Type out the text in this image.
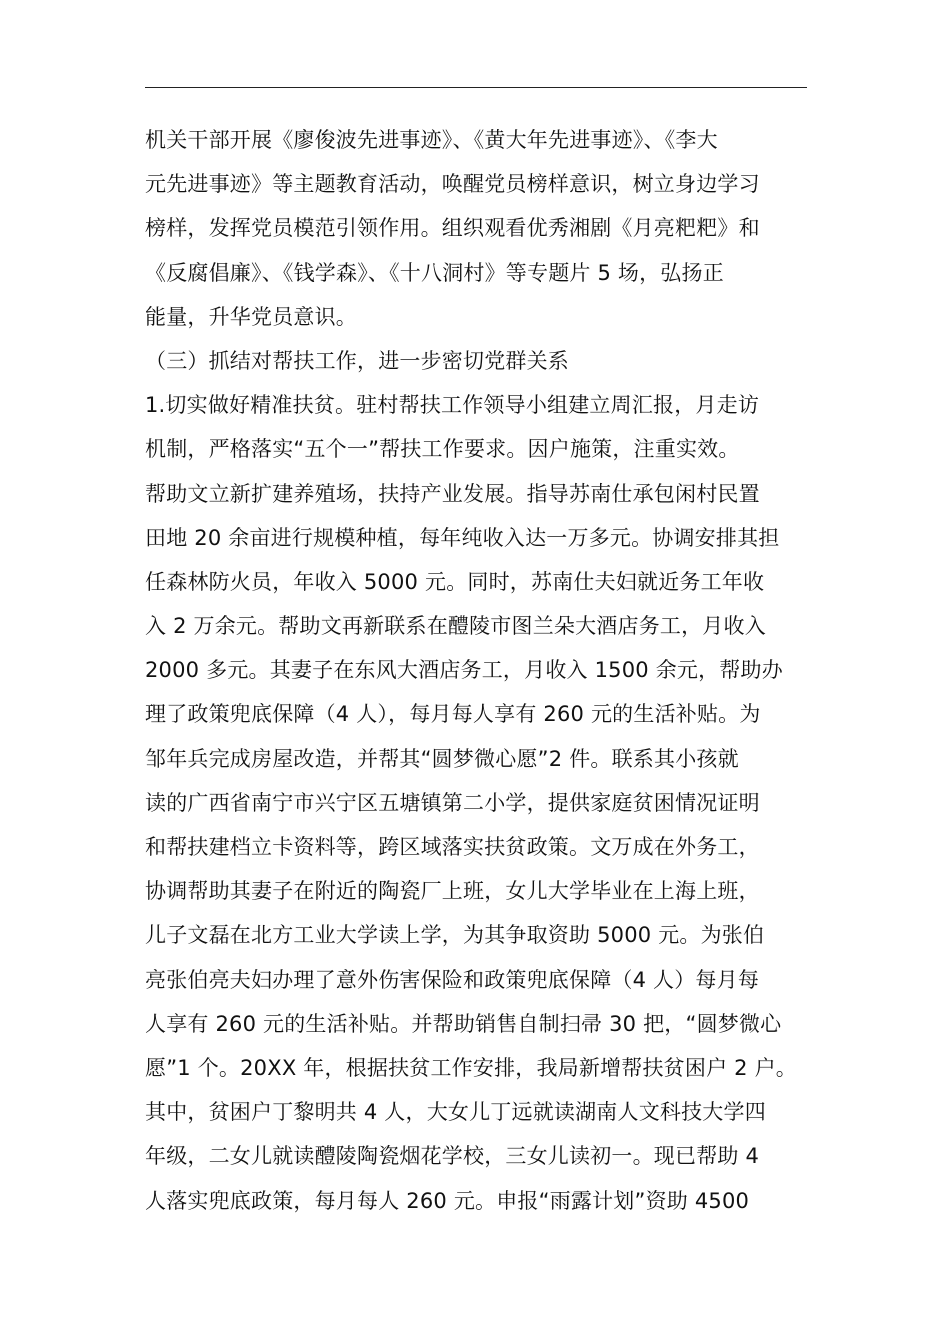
机关干部开展《廖俊波先进事迹》、《黄大年先进事迹》、《李大
元先进事迹》等主题教育活动，唤醒党员榜样意识，树立身边学习
榜样，发挥党员模范引领作用。组织观看优秀湘剧《月亮粑粑》和
《反腐倡廉》、《钱学森》、《十八洞村》等专题片 5 场，弘扬正
能量，升华党员意识。
（三）抓结对帮扶工作，进一步密切党群关系
1.切实做好精准扶贫。驻村帮扶工作领导小组建立周汇报，月走访
机制，严格落实“五个一”帮扶工作要求。因户施策，注重实效。
帮助文立新扩建养殖场，扶持产业发展。指导苏南仕承包闲村民置
田地 20 余亩进行规模种植，每年纯收入达一万多元。协调安排其担
任森林防火员，年收入 5000 元。同时，苏南仕夫妇就近务工年收
入 2 万余元。帮助文再新联系在醴陵市图兰朵大酒店务工，月收入
2000 多元。其妻子在东风大酒店务工，月收入 1500 余元，帮助办
理了政策兜底保障（4 人），每月每人享有 260 元的生活补贴。为
邹年兵完成房屋改造，并帮其“圆梦微心愿”2 件。联系其小孩就
读的广西省南宁市兴宁区五塘镇第二小学，提供家庭贫困情况证明
和帮扶建档立卡资料等，跨区域落实扶贫政策。文万成在外务工，
协调帮助其妻子在附近的陶瓷厂上班，女儿大学毕业在上海上班，
儿子文磊在北方工业大学读上学，为其争取资助 5000 元。为张伯
亮张伯亮夫妇办理了意外伤害保险和政策兜底保障（4 人）每月每
人享有 260 元的生活补贴。并帮助销售自制扫帚 30 把，“圆梦微心
愿”1 个。20XX 年，根据扶贫工作安排，我局新增帮扶贫困户 2 户。
其中，贫困户丁黎明共 4 人，大女儿丁远就读湖南人文科技大学四
年级，二女儿就读醴陵陶瓷烟花学校，三女儿读初一。现已帮助 4
人落实兜底政策，每月每人 260 元。申报“雨露计划”资助 4500
